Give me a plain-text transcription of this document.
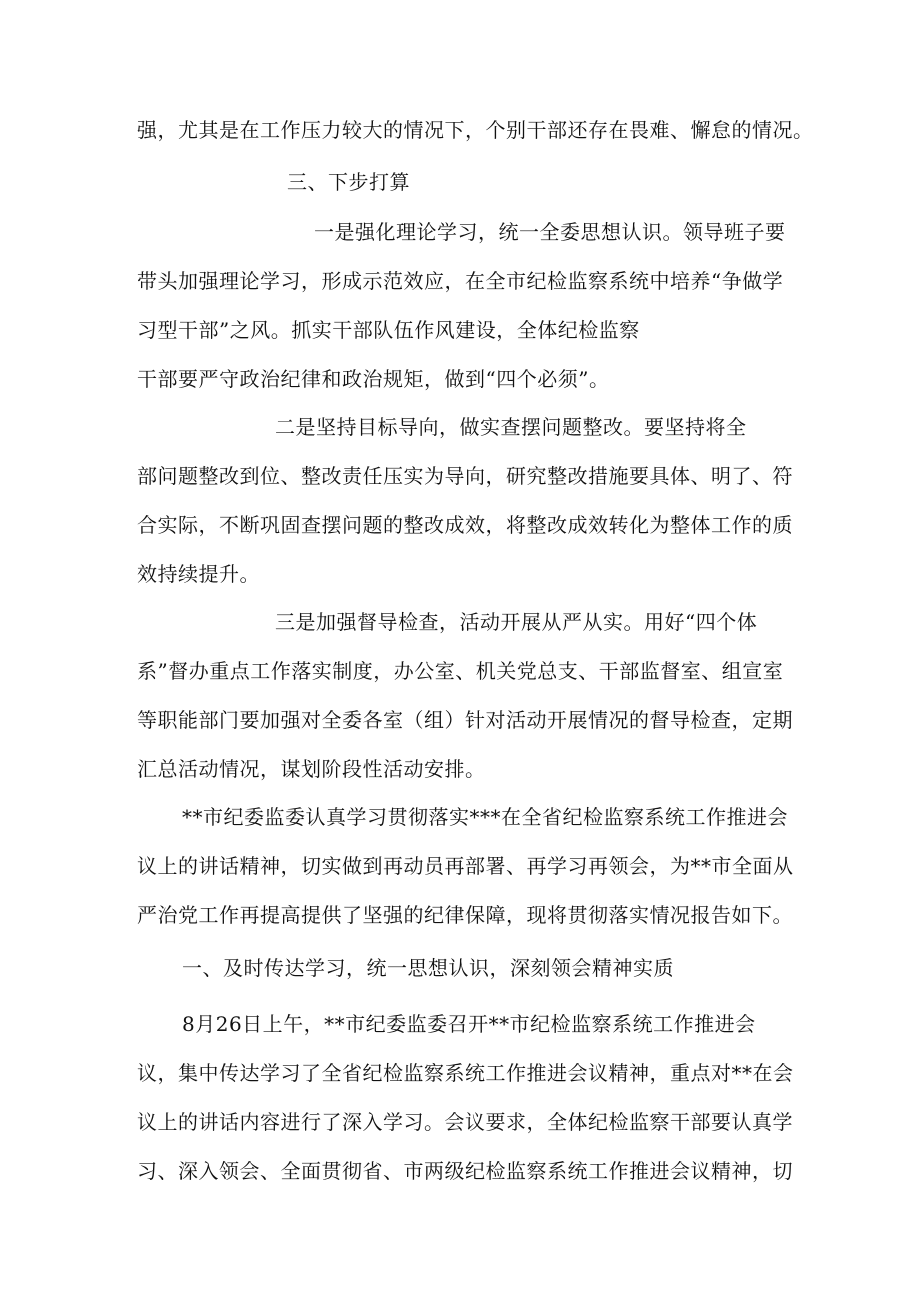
强，尤其是在工作压力较大的情况下，个别干部还存在畏难、懈怠的情况。
三、下步打算
一是强化理论学习，统一全委思想认识。领导班子要
带头加强理论学习，形成示范效应，在全市纪检监察系统中培养“争做学
习型干部”之风。抓实干部队伍作风建设，全体纪检监察
干部要严守政治纪律和政治规矩，做到“四个必须”。
二是坚持目标导向，做实查摆问题整改。要坚持将全
部问题整改到位、整改责任压实为导向，研究整改措施要具体、明了、符
合实际，不断巩固查摆问题的整改成效，将整改成效转化为整体工作的质
效持续提升。
三是加强督导检查，活动开展从严从实。用好“四个体
系”督办重点工作落实制度，办公室、机关党总支、干部监督室、组宣室
等职能部门要加强对全委各室（组）针对活动开展情况的督导检查，定期
汇总活动情况，谋划阶段性活动安排。
**市纪委监委认真学习贯彻落实***在全省纪检监察系统工作推进会
议上的讲话精神，切实做到再动员再部署、再学习再领会，为**市全面从
严治党工作再提高提供了坚强的纪律保障，现将贯彻落实情况报告如下。
一、及时传达学习，统一思想认识，深刻领会精神实质
8月26日上午，**市纪委监委召开**市纪检监察系统工作推进会
议，集中传达学习了全省纪检监察系统工作推进会议精神，重点对**在会
议上的讲话内容进行了深入学习。会议要求，全体纪检监察干部要认真学
习、深入领会、全面贯彻省、市两级纪检监察系统工作推进会议精神，切
